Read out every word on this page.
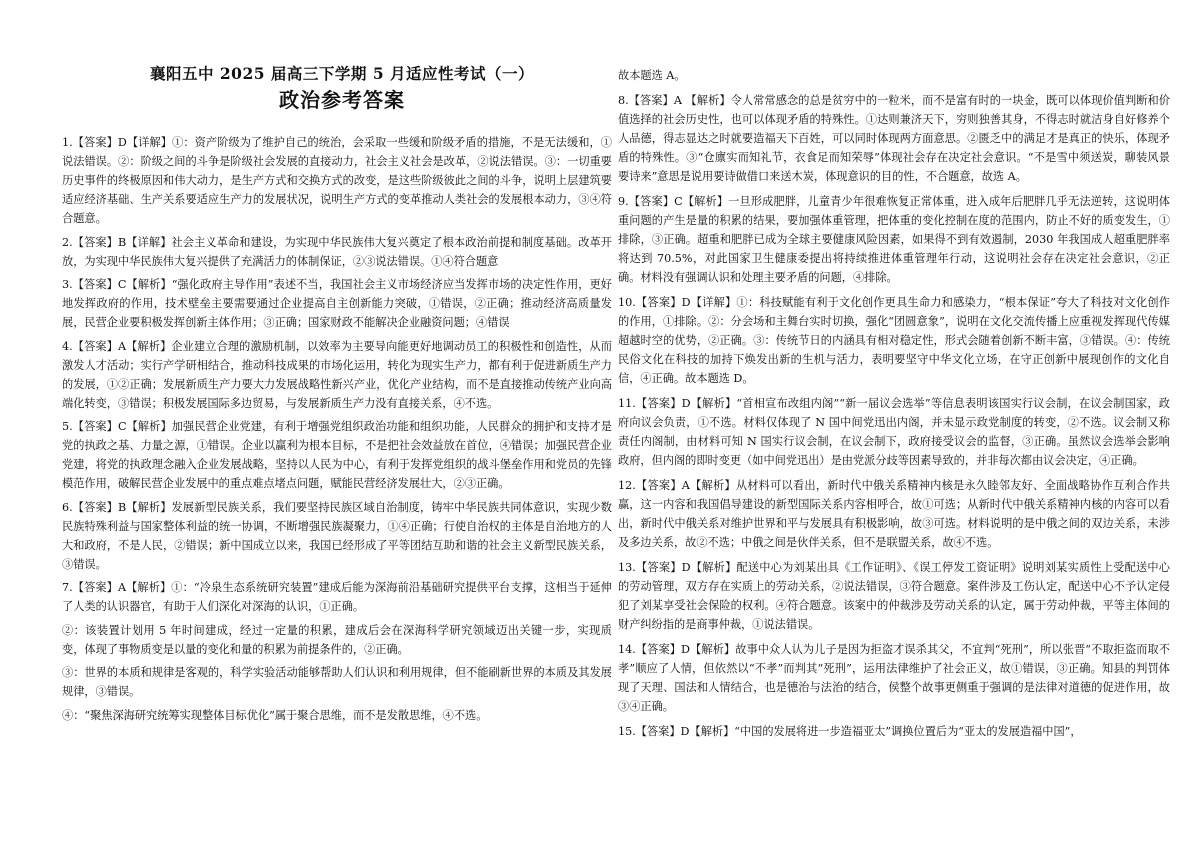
襄阳五中 2025 届高三下学期 5 月适应性考试（一）
政治参考答案

1.【答案】D【详解】①：资产阶级为了维护自己的统治，会采取一些缓和阶级矛盾的措施，不是无法缓和，①说法错误。②：阶级之间的斗争是阶级社会发展的直接动力，社会主义社会是改革，②说法错误。③：一切重要历史事件的终极原因和伟大动力，是生产方式和交换方式的改变，是这些阶级彼此之间的斗争，说明上层建筑要适应经济基础、生产关系要适应生产力的发展状况，说明生产方式的变革推动人类社会的发展根本动力，③④符合题意。

2.【答案】B【详解】社会主义革命和建设，为实现中华民族伟大复兴奠定了根本政治前提和制度基础。改革开放，为实现中华民族伟大复兴提供了充满活力的体制保证，②③说法错误。①④符合题意

3.【答案】C【解析】“强化政府主导作用”表述不当，我国社会主义市场经济应当发挥市场的决定性作用，更好地发挥政府的作用，技术壁垒主要需要通过企业提高自主创新能力突破，①错误，②正确；推动经济高质量发展，民营企业要积极发挥创新主体作用；③正确；国家财政不能解决企业融资问题；④错误

4.【答案】A【解析】企业建立合理的激励机制，以效率为主要导向能更好地调动员工的积极性和创造性，从而激发人才活动；实行产学研相结合，推动科技成果的市场化运用，转化为现实生产力，都有利于促进新质生产力的发展，①②正确；发展新质生产力要大力发展战略性新兴产业，优化产业结构，而不是直接推动传统产业向高端化转变，③错误；积极发展国际多边贸易，与发展新质生产力没有直接关系，④不选。

5.【答案】C【解析】加强民营企业党建，有利于增强党组织政治功能和组织功能，人民群众的拥护和支持才是党的执政之基、力量之源，①错误。企业以赢利为根本目标，不是把社会效益放在首位，④错误；加强民营企业党建，将党的执政理念融入企业发展战略，坚持以人民为中心，有利于发挥党组织的战斗堡垒作用和党员的先锋模范作用，破解民营企业发展中的重点难点堵点问题，赋能民营经济发展壮大，②③正确。

6.【答案】B【解析】发展新型民族关系，我们要坚持民族区域自治制度，铸牢中华民族共同体意识，实现少数民族特殊利益与国家整体利益的统一协调，不断增强民族凝聚力，①④正确；行使自治权的主体是自治地方的人大和政府，不是人民，②错误；新中国成立以来，我国已经形成了平等团结互助和谐的社会主义新型民族关系，③错误。

7.【答案】A【解析】①：“冷泉生态系统研究装置”建成后能为深海前沿基础研究提供平台支撑，这相当于延伸了人类的认识器官，有助于人们深化对深海的认识，①正确。

②：该装置计划用 5 年时间建成，经过一定量的积累，建成后会在深海科学研究领域迈出关键一步，实现质变，体现了事物质变是以量的变化和量的积累为前提条件的，②正确。

③：世界的本质和规律是客观的，科学实验活动能够帮助人们认识和利用规律，但不能刷新世界的本质及其发展规律，③错误。

④：“聚焦深海研究统筹实现整体目标优化”属于聚合思维，而不是发散思维，④不选。

故本题选 A。

8.【答案】A 【解析】令人常常感念的总是贫穷中的一粒米，而不是富有时的一块金，既可以体现价值判断和价值选择的社会历史性，也可以体现矛盾的特殊性。①达则兼济天下，穷则独善其身，不得志时就洁身自好修养个人品德，得志显达之时就要造福天下百姓，可以同时体现两方面意思。②匮乏中的满足才是真正的快乐，体现矛盾的特殊性。③“仓廪实而知礼节，衣食足而知荣辱”体现社会存在决定社会意识。“不是雪中须送炭，聊装风景要诗来”意思是说用要诗做借口来送木炭，体现意识的目的性，不合题意，故选 A。

9.【答案】C【解析】一旦形成肥胖，儿童青少年很难恢复正常体重，进入成年后肥胖几乎无法逆转，这说明体重问题的产生是量的积累的结果，要加强体重管理，把体重的变化控制在度的范围内，防止不好的质变发生，①排除，③正确。超重和肥胖已成为全球主要健康风险因素，如果得不到有效遏制，2030 年我国成人超重肥胖率将达到 70.5%，对此国家卫生健康委提出将持续推进体重管理年行动，这说明社会存在决定社会意识，②正确。材料没有强调认识和处理主要矛盾的问题，④排除。

10.【答案】D【详解】①：科技赋能有利于文化创作更具生命力和感染力，“根本保证”夸大了科技对文化创作的作用，①排除。②：分会场和主舞台实时切换，强化“团圆意象”，说明在文化交流传播上应重视发挥现代传媒超越时空的优势，②正确。③：传统节日的内涵具有相对稳定性，形式会随着创新不断丰富，③错误。④：传统民俗文化在科技的加持下焕发出新的生机与活力，表明要坚守中华文化立场，在守正创新中展现创作的文化自信，④正确。故本题选 D。

11.【答案】D【解析】“首相宣布改组内阁”“新一届议会选举”等信息表明该国实行议会制，在议会制国家，政府向议会负责，①不选。材料仅体现了 N 国中间党迅出内阁，并未显示政党制度的转变，②不选。议会制又称责任内阁制，由材料可知 N 国实行议会制，在议会制下，政府接受议会的监督，③正确。虽然议会选举会影响政府，但内阁的即时变更（如中间党迅出）是由党派分歧等因素导致的，并非每次都由议会决定，④正确。

12.【答案】A【解析】从材料可以看出，新时代中俄关系精神内核是永久睦邻友好、全面战略协作互利合作共赢，这一内容和我国倡导建设的新型国际关系内容相呼合，故①可选；从新时代中俄关系精神内核的内容可以看出，新时代中俄关系对维护世界和平与发展具有积极影响，故③可选。材料说明的是中俄之间的双边关系，未涉及多边关系，故②不选；中俄之间是伙伴关系，但不是联盟关系，故④不选。

13.【答案】D【解析】配送中心为刘某出具《工作证明》、《误工停发工资证明》说明刘某实质性上受配送中心的劳动管理，双方存在实质上的劳动关系，②说法错误，③符合题意。案件涉及工伤认定，配送中心不予认定侵犯了刘某享受社会保险的权利。④符合题意。该案中的仲裁涉及劳动关系的认定，属于劳动仲裁，平等主体间的财产纠纷指的是商事仲裁，①说法错误。

14.【答案】D【解析】故事中众人认为儿子是因为拒盗才误杀其父，不宜判“死刑”，所以张晋“不取拒盗而取不孝”顺应了人情，但依然以“不孝”而判其“死刑”，运用法律维护了社会正义，故①错误，③正确。知县的判罚体现了天理、国法和人情结合，也是德治与法治的结合，侯整个故事更侧重于强调的是法律对道德的促进作用，故③④正确。

15.【答案】D【解析】“中国的发展将进一步造福亚太”调换位置后为“亚太的发展造福中国”，
